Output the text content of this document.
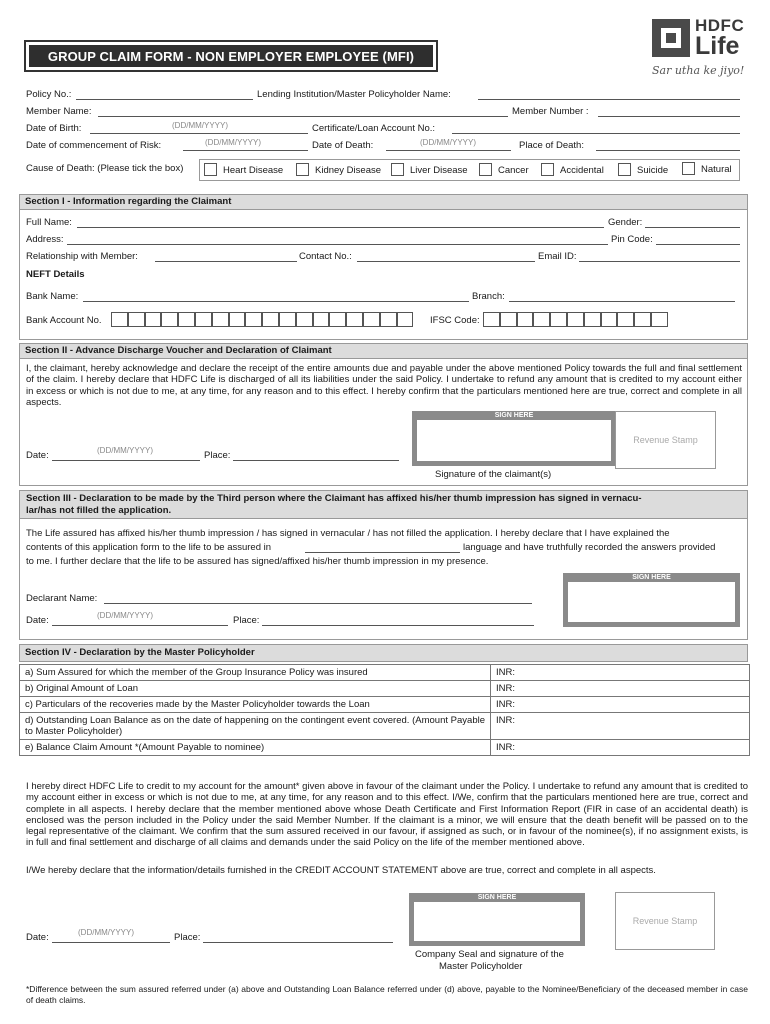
GROUP CLAIM FORM - NON EMPLOYER EMPLOYEE (MFI)
HDFC
Life
Sar utha ke jiyo!
Policy No.:	Lending Institution/Master Policyholder Name:
Member Name:	Member Number :
Date of Birth:	(DD/MM/YYYY)	Certificate/Loan Account No.:
Date of commencement of Risk:	(DD/MM/YYYY)	Date of Death:	(DD/MM/YYYY)	Place of Death:
Cause of Death: (Please tick the box)	Heart Disease	Kidney Disease	Liver Disease	Cancer	Accidental	Suicide	Natural
Section I - Information regarding the Claimant
Full Name:	Gender:
Address:	Pin Code:
Relationship with Member:	Contact No.:	Email ID:
NEFT Details
Bank Name:	Branch:
Bank Account No.	IFSC Code:
Section II - Advance Discharge Voucher and Declaration of Claimant
I, the claimant, hereby acknowledge and declare the receipt of the entire amounts due and payable under the above mentioned Policy towards the full and final settlement of the claim. I hereby declare that HDFC Life is discharged of all its liabilities under the said Policy. I undertake to refund any amount that is credited to my account either in excess or which is not due to me, at any time, for any reason and to this effect. I hereby confirm that the particulars mentioned here are true, correct and complete in all aspects.
Date:	(DD/MM/YYYY)	Place:
SIGN HERE
Revenue Stamp
Signature of the claimant(s)
Section III - Declaration to be made by the Third person where the Claimant has affixed his/her thumb impression has signed in vernacu-
lar/has not filled the application.
The Life assured has affixed his/her thumb impression / has signed in vernacular / has not filled the application. I hereby declare that I have explained the
contents of this application form to the life to be assured in	language and have truthfully recorded the answers provided
to me. I further declare that the life to be assured has signed/affixed his/her thumb impression in my presence.
Declarant Name:
Date:	(DD/MM/YYYY)	Place:
SIGN HERE
Section IV - Declaration by the Master Policyholder
a) Sum Assured for which the member of the Group Insurance Policy was insured	INR:
b) Original Amount of Loan	INR:
c) Particulars of the recoveries made by the Master Policyholder towards the Loan	INR:
d) Outstanding Loan Balance as on the date of happening on the contingent event covered. (Amount Payable to Master Policyholder)	INR:
e) Balance Claim Amount *(Amount Payable to nominee)	INR:
I hereby direct HDFC Life to credit to my account for the amount* given above in favour of the claimant under the Policy. I undertake to refund any amount that is credited to my account either in excess or which is not due to me, at any time, for any reason and to this effect. I/We, confirm that the particulars mentioned here are true, correct and complete in all aspects. I hereby declare that the member mentioned above whose Death Certificate and First Information Report (FIR in case of an accidental death) is enclosed was the person included in the Policy under the said Member Number. If the claimant is a minor, we will ensure that the death benefit will be passed on to the legal representative of the claimant. We confirm that the sum assured received in our favour, if assigned as such, or in favour of the nominee(s), if no assignment exists, is in full and final settlement and discharge of all claims and demands under the said Policy on the life of the member mentioned above.
I/We hereby declare that the information/details furnished in the CREDIT ACCOUNT STATEMENT above are true, correct and complete in all aspects.
Date:	(DD/MM/YYYY)	Place:
SIGN HERE
Revenue Stamp
Company Seal and signature of the
Master Policyholder
*Difference between the sum assured referred under (a) above and Outstanding Loan Balance referred under (d) above, payable to the Nominee/Beneficiary of the deceased member in case of death claims.
